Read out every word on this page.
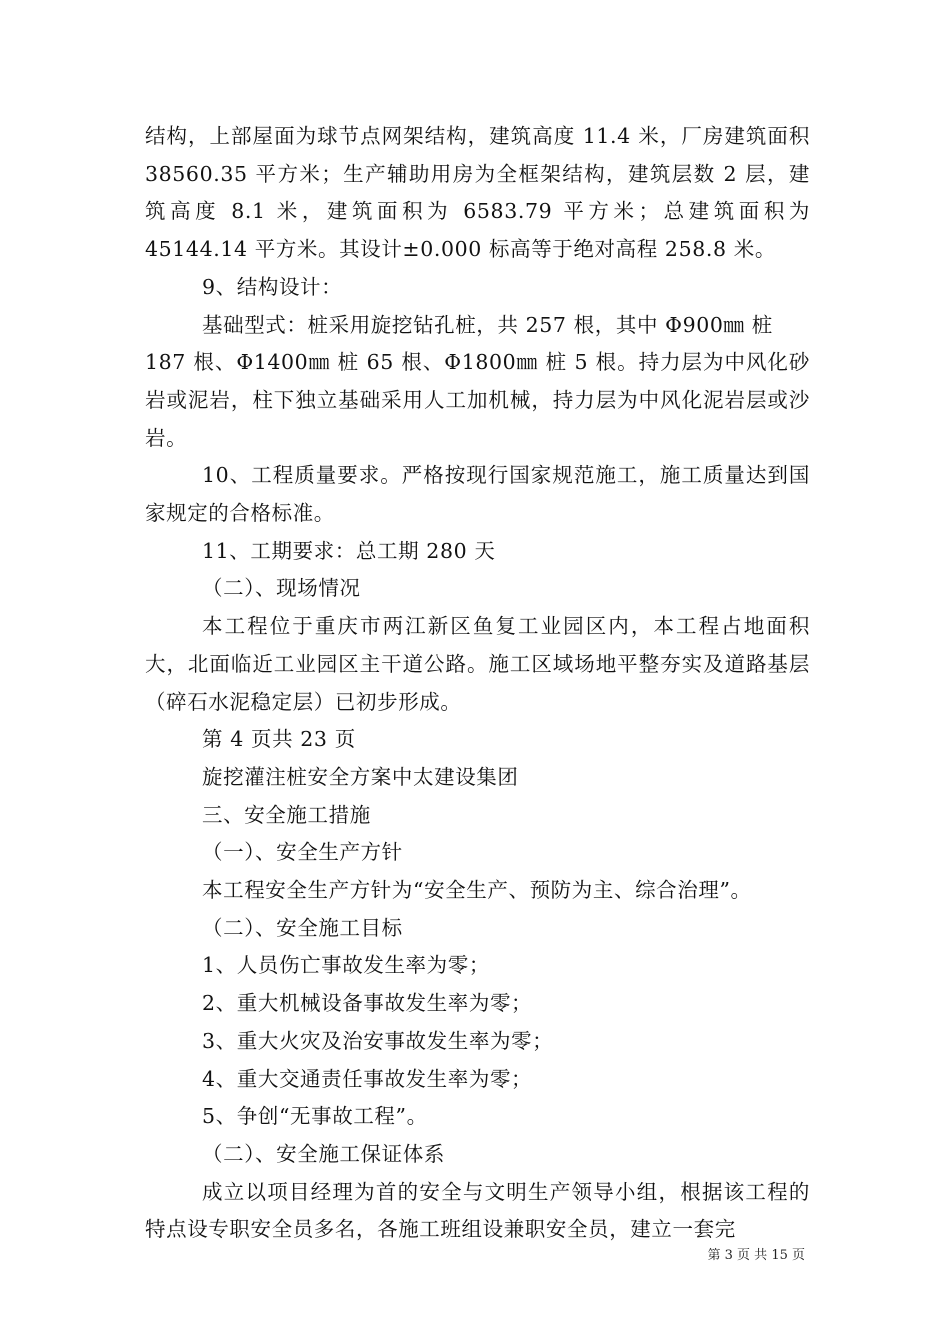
结构，上部屋面为球节点网架结构，建筑高度 11.4 米，厂房建筑面积 38560.35 平方米；生产辅助用房为全框架结构，建筑层数 2 层，建筑高度 8.1 米，建筑面积为 6583.79 平方米；总建筑面积为 45144.14 平方米。其设计±0.000 标高等于绝对高程 258.8 米。

9、结构设计：

基础型式：桩采用旋挖钻孔桩，共 257 根，其中 Φ900㎜ 桩

187 根、Φ1400㎜ 桩 65 根、Φ1800㎜ 桩 5 根。持力层为中风化砂岩或泥岩，柱下独立基础采用人工加机械，持力层为中风化泥岩层或沙岩。

10、工程质量要求。严格按现行国家规范施工，施工质量达到国家规定的合格标准。

11、工期要求：总工期 280 天

（二）、现场情况

本工程位于重庆市两江新区鱼复工业园区内，本工程占地面积大，北面临近工业园区主干道公路。施工区域场地平整夯实及道路基层（碎石水泥稳定层）已初步形成。

第 4 页共 23 页

旋挖灌注桩安全方案中太建设集团

三、安全施工措施

（一）、安全生产方针

本工程安全生产方针为“安全生产、预防为主、综合治理”。

（二）、安全施工目标

1、人员伤亡事故发生率为零；

2、重大机械设备事故发生率为零；

3、重大火灾及治安事故发生率为零；

4、重大交通责任事故发生率为零；

5、争创“无事故工程”。

（二）、安全施工保证体系

成立以项目经理为首的安全与文明生产领导小组，根据该工程的特点设专职安全员多名，各施工班组设兼职安全员，建立一套完

第 3 页 共 15 页
